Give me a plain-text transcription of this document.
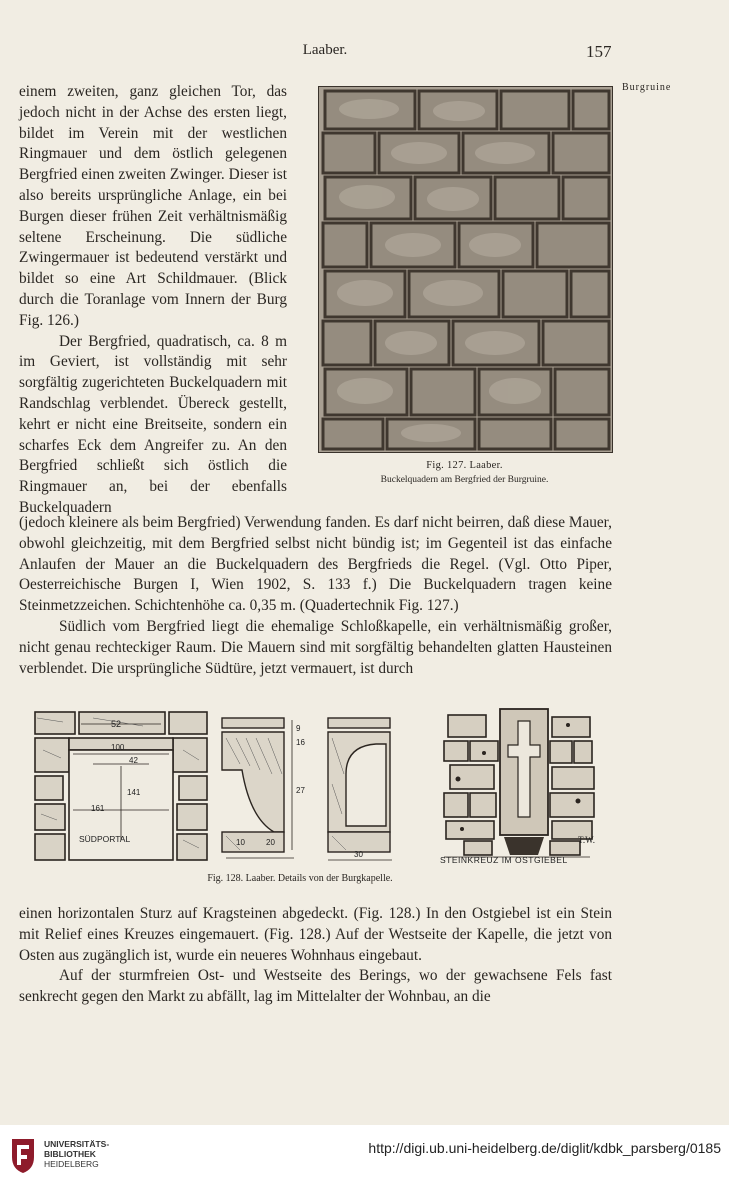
Laaber.	157
Burgruine

einem zweiten, ganz gleichen Tor, das jedoch nicht in der Achse des ersten liegt, bildet im Verein mit der westlichen Ringmauer und dem östlich gelegenen Bergfried einen zweiten Zwinger. Dieser ist also bereits ursprüngliche Anlage, ein bei Burgen dieser frühen Zeit verhältnismäßig seltene Erscheinung. Die südliche Zwingermauer ist bedeutend verstärkt und bildet so eine Art Schildmauer. (Blick durch die Toranlage vom Innern der Burg Fig. 126.)

Der Bergfried, quadratisch, ca. 8 m im Geviert, ist vollständig mit sehr sorgfältig zugerichteten Buckelquadern mit Randschlag verblendet. Übereck gestellt, kehrt er nicht eine Breitseite, sondern ein scharfes Eck dem Angreifer zu. An den Bergfried schließt sich östlich die Ringmauer an, bei der ebenfalls Buckelquadern

Fig. 127. Laaber.
Buckelquadern am Bergfried der Burgruine.

(jedoch kleinere als beim Bergfried) Verwendung fanden. Es darf nicht beirren, daß diese Mauer, obwohl gleichzeitig, mit dem Bergfried selbst nicht bündig ist; im Gegenteil ist das einfache Anlaufen der Mauer an die Buckelquadern des Bergfrieds die Regel. (Vgl. Otto Piper, Oesterreichische Burgen I, Wien 1902, S. 133 f.) Die Buckelquadern tragen keine Steinmetzzeichen. Schichtenhöhe ca. 0,35 m. (Quadertechnik Fig. 127.)

Südlich vom Bergfried liegt die ehemalige Schloßkapelle, ein verhältnismäßig großer, nicht genau rechteckiger Raum. Die Mauern sind mit sorgfältig behandelten glatten Hausteinen verblendet. Die ursprüngliche Südtüre, jetzt vermauert, ist durch

52
100
42
141
161
SÜDPORTAL
9
16
27
10	20
30
T.W.
STEINKREUZ IM OSTGIEBEL
Fig. 128. Laaber. Details von der Burgkapelle.

einen horizontalen Sturz auf Kragsteinen abgedeckt. (Fig. 128.) In den Ostgiebel ist ein Stein mit Relief eines Kreuzes eingemauert. (Fig. 128.) Auf der Westseite der Kapelle, die jetzt von Osten aus zugänglich ist, wurde ein neueres Wohnhaus eingebaut.

Auf der sturmfreien Ost- und Westseite des Berings, wo der gewachsene Fels fast senkrecht gegen den Markt zu abfällt, lag im Mittelalter der Wohnbau, an die

UNIVERSITÄTS-
BIBLIOTHEK
HEIDELBERG
http://digi.ub.uni-heidelberg.de/diglit/kdbk_parsberg/0185
